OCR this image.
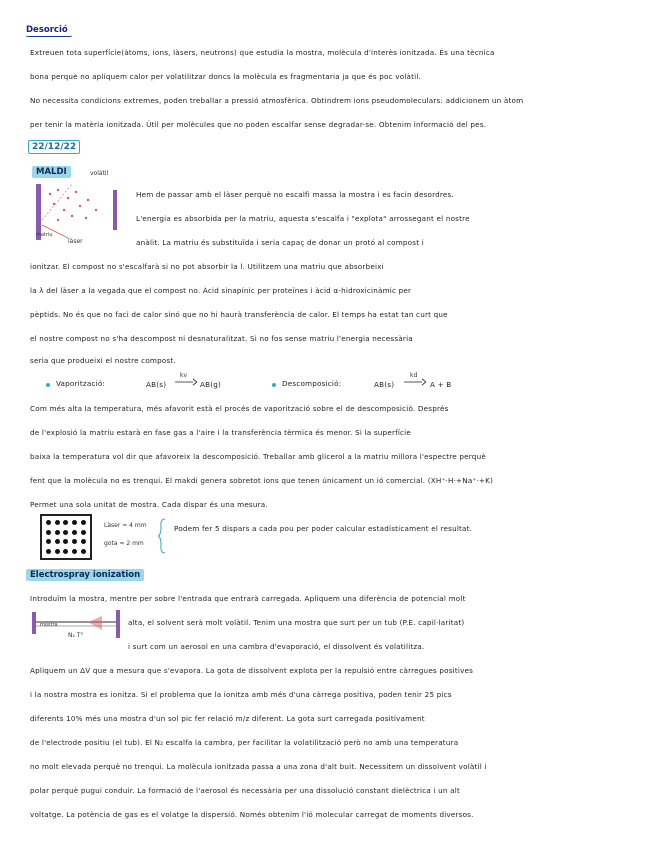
Desorció
Extreuen tota superfície(àtoms, ions, làsers, neutrons) que estudia la mostra, molècula d'interès ionitzada. És una tècnica
bona perquè no apliquem calor per volatilitzar doncs la molècula es fragmentaria ja que és poc volàtil.
No necessita condicions extremes, poden treballar a pressió atmosfèrica. Obtindrem ions pseudomoleculars: addicionem un àtom
per tenir la matèria ionitzada. Útil per molècules que no poden escalfar sense degradar-se. Obtenim informació del pes.
22/12/22
MALDI	volátil
matriu
làser
Hem de passar amb el làser perquè no escalfi massa la mostra i es facin desordres.
L'energia es absorbida per la matriu, aquesta s'escalfa i "explota" arrossegant el nostre
anàlit. La matriu és substituïda i seria capaç de donar un protó al compost i
ionitzar. El compost no s'escalfarà si no pot absorbir la l. Utilitzem una matriu que absorbeixi
la λ del làser a la vegada que el compost no. Àcid sinapínic per proteïnes i àcid α-hidroxicinàmic per
pèptids. No és que no faci de calor sinó que no hi haurà transferència de calor. El temps ha estat tan curt que
el nostre compost no s'ha descompost ni desnaturalitzat. Si no fos sense matriu l'energia necessària
seria que produeixi el nostre compost.
Vaporització:	AB(s)
kv
AB(g)	Descomposició:	AB(s)
kd
A + B
Com més alta la temperatura, més afavorit està el procés de vaporització sobre el de descomposició. Després
de l'explosió la matriu estarà en fase gas a l'aire i la transferència tèrmica és menor. Si la superfície
baixa la temperatura vol dir que afavoreix la descomposició. Treballar amb glicerol a la matriu millora l'espectre perquè
fent que la molècula no es trenqui. El makdi genera sobretot ions que tenen únicament un ió comercial. (XH⁺·H·+Na⁺·+K)
Permet una sola unitat de mostra. Cada dispar és una mesura.
Làser ≈ 4 mm
gota ≈ 2 mm
Podem fer 5 dispars a cada pou per poder calcular estadísticament el resultat.
Electrospray ionization
Introduïm la mostra, mentre per sobre l'entrada que entrarà carregada. Apliquem una diferència de potencial molt
mostra
N₂ T°
alta, el solvent serà molt volàtil. Tenim una mostra que surt per un tub (P.E. capil·laritat)
i surt com un aerosol en una cambra d'evaporació, el dissolvent és volatilitza.
Apliquem un ΔV que a mesura que s'evapora. La gota de dissolvent explota per la repulsió entre càrregues positives
i la nostra mostra es ionitza. Si el problema que la ionitza amb més d'una càrrega positiva, poden tenir 25 pics
diferents 10% més una mostra d'un sol pic fer relació m/z diferent. La gota surt carregada positivament
de l'electrode positiu (el tub). El N₂ escalfa la cambra, per facilitar la volatilització però no amb una temperatura
no molt elevada perquè no trenqui. La molècula ionitzada passa a una zona d'alt buit. Necessitem un dissolvent volàtil i
polar perquè pugui conduir. La formació de l'aerosol és necessària per una dissolució constant dielèctrica i un alt
voltatge. La potència de gas es el volatge la dispersió. Només obtenim l'ió molecular carregat de moments diversos.
